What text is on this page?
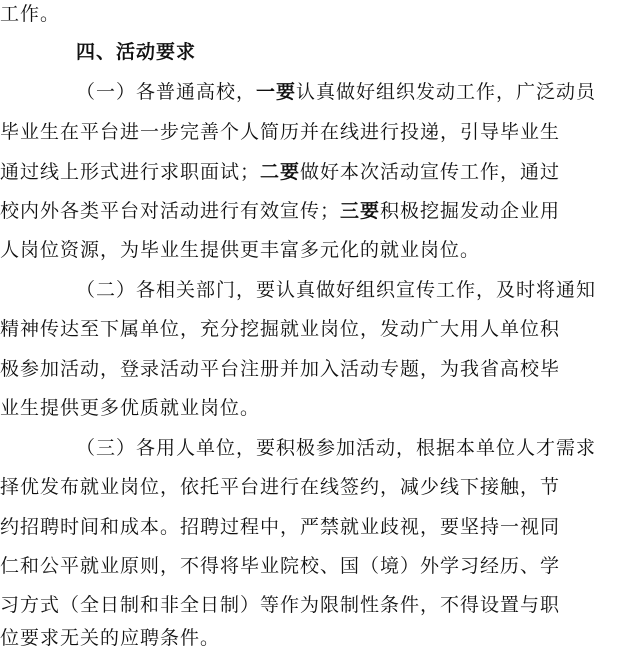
工作。
四、活动要求
（一）各普通高校，一要认真做好组织发动工作，广泛动员
毕业生在平台进一步完善个人简历并在线进行投递，引导毕业生
通过线上形式进行求职面试；二要做好本次活动宣传工作，通过
校内外各类平台对活动进行有效宣传；三要积极挖掘发动企业用
人岗位资源，为毕业生提供更丰富多元化的就业岗位。
（二）各相关部门，要认真做好组织宣传工作，及时将通知
精神传达至下属单位，充分挖掘就业岗位，发动广大用人单位积
极参加活动，登录活动平台注册并加入活动专题，为我省高校毕
业生提供更多优质就业岗位。
（三）各用人单位，要积极参加活动，根据本单位人才需求
择优发布就业岗位，依托平台进行在线签约，减少线下接触，节
约招聘时间和成本。招聘过程中，严禁就业歧视，要坚持一视同
仁和公平就业原则，不得将毕业院校、国（境）外学习经历、学
习方式（全日制和非全日制）等作为限制性条件，不得设置与职
位要求无关的应聘条件。
